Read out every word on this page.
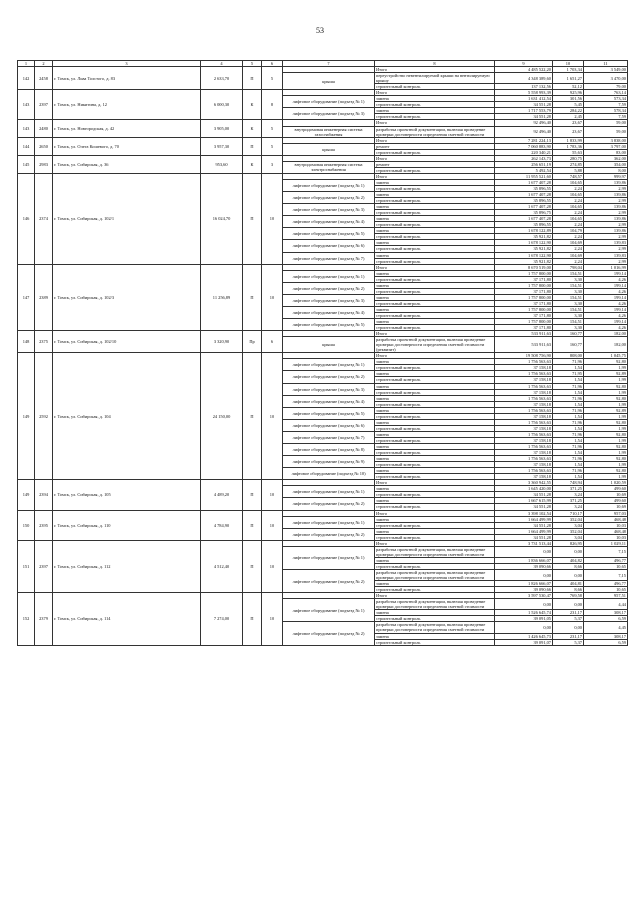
53
1	2	3	4	5	6	7	8	9	10	11
142	2458	г. Томск, ул. Льва Толстого, д. 83	2 633,70	П	5		Итого	4 485 522,20	1 703,34	3 549,00
						крыша	переустройство невентилируемой крыши на вентилируемую крышу	4 348 389,60	1 651,27	3 470,00
							строительный контроль	137 132,56	52,12	79,00
143	2397	г. Томск, ул. Никитина, д. 12	6 000,30	К	8		Итого	5 558 993,39	925,96	763,14
						лифтовое оборудование (подъезд № 1)	замена	1 631 412,54	301,56	573,34
							строительный контроль	34 551,28	5,45	7,59
						лифтовое оборудование (подъезд № 3)	замена	1 717 553,79	284,22	578,34
							строительный контроль	34 551,28	2,45	7,59
143	2480	г. Томск, ул. Новгородская, д. 42	3 905,00	К	5		Итого	92 496,40	23,67	59,00
						внутридомовая инженерная система газоснабжения	разработка проектной документации, включая проведение проверки достоверности определения сметной стоимости	92 496,40	23,67	59,00
144	2650	г. Томск, ул. Олега Кошевого, д. 70	3 957,30	П	5		Итого	7 281 224,13	1 833,99	3 838,00
						крыша	ремонт	7 060 883,90	1 783,36	3 797,00
							строительный контроль	220 340,21	55,63	83,00
145	2983	г. Томск, ул. Сибирская, д. 36	953,60	К	3		Итого	262 143,73	280,75	362,00
						внутридомовая инженерная система электроснабжения	ремонт	256 651,19	274,85	354,00
							строительный контроль	5 492,54	5,88	8,00
146	2374	г. Томск, ул. Сибирская, д. 102/1	16 024,70	П	10		Итого	11 955 521,60	748,57	999,97
						лифтовое оборудование (подъезд № 1)	замена	1 677 407,28	104,65	139,86
							строительный контроль	35 896,55	2,24	2,99
						лифтовое оборудование (подъезд № 2)	замена	1 677 407,28	104,65	139,86
							строительный контроль	35 896,55	2,24	2,99
						лифтовое оборудование (подъезд № 3)	замена	1 677 407,28	104,65	139,86
							строительный контроль	35 896,75	2,24	2,99
						лифтовое оборудование (подъезд № 4)	замена	1 677 407,28	104,65	139,86
							строительный контроль	35 896,55	2,24	2,99
						лифтовое оборудование (подъезд № 5)	замена	1 678 122,89	104,79	139,86
							строительный контроль	35 921,82	2,24	2,99
						лифтовое оборудование (подъезд № 6)	замена	1 678 122,90	104,69	139,83
							строительный контроль	35 921,82	2,24	2,99
						лифтовое оборудование (подъезд № 7)	замена	1 678 122,90	104,69	139,83
							строительный контроль	35 921,82	2,24	2,99
147	2389	г. Томск, ул. Сибирская, д. 102/3	11 256,89	П	10		Итого	8 670 519,00	798,04	1 016,99
						лифтовое оборудование (подъезд № 1)	замена	1 757 800,00	154,51	199,14
							строительный контроль	37 171,80	3,30	4,26
						лифтовое оборудование (подъезд № 2)	замена	1 757 800,00	154,51	199,14
							строительный контроль	37 171,80	3,30	4,26
						лифтовое оборудование (подъезд № 3)	замена	1 757 800,00	154,51	199,14
							строительный контроль	37 171,80	3,30	4,26
						лифтовое оборудование (подъезд № 4)	замена	1 757 800,00	154,51	199,14
							строительный контроль	37 171,80	3,30	4,26
						лифтовое оборудование (подъезд № 5)	замена	1 757 800,00	154,51	199,14
							строительный контроль	37 171,80	3,30	4,26
148	2375	г. Томск, ул. Сибирская, д. 102/10	3 320,90	Пр	6		Итого	533 911,63	160,77	182,00
						крыша	разработка проектной документации, включая проведение проверки достоверности определения сметной стоимости (реквизит)	533 911,63	160,77	182,00
149	2592	г. Томск, ул. Сибирская, д. 104	24 150,00	П	10		Итого	19 508 756,90	808,00	1 045,75
						лифтовое оборудование (подъезд № 1)	замена	1 756 563,63	71,96	92,80
							строительный контроль	37 158,18	1,54	1,99
						лифтовое оборудование (подъезд № 2)	замена	1 756 563,63	71,95	92,89
							строительный контроль	37 158,18	1,54	1,99
						лифтовое оборудование (подъезд № 3)	замена	1 756 563,63	71,96	92,80
							строительный контроль	37 158,18	1,54	1,99
						лифтовое оборудование (подъезд № 4)	замена	1 756 563,63	71,96	92,80
							строительный контроль	37 158,18	1,54	1,99
						лифтовое оборудование (подъезд № 5)	замена	1 756 563,63	71,96	92,89
							строительный контроль	37 158,18	1,54	1,99
						лифтовое оборудование (подъезд № 6)	замена	1 756 563,63	71,96	92,80
							строительный контроль	37 158,18	1,54	1,99
						лифтовое оборудование (подъезд № 7)	замена	1 756 563,63	71,96	92,80
							строительный контроль	37 158,18	1,54	1,99
						лифтовое оборудование (подъезд № 8)	замена	1 756 563,63	71,96	92,80
							строительный контроль	37 158,18	1,54	1,99
						лифтовое оборудование (подъезд № 9)	замена	1 756 563,63	71,96	92,80
							строительный контроль	37 158,18	1,54	1,99
						лифтовое оборудование (подъезд № 10)	замена	1 756 563,63	71,96	92,80
							строительный контроль	37 158,18	1,54	1,99
149	2394	г. Томск, ул. Сибирская, д. 105	4 489,20	П	10		Итого	3 360 942,55	748,94	1 020,59
						лифтовое оборудование (подъезд № 1)	замена	1 645 420,00	371,25	499,60
							строительный контроль	34 551,28	3,24	10,69
						лифтовое оборудование (подъезд № 2)	замена	1 667 615,99	371,25	499,60
							строительный контроль	34 551,28	3,24	10,69
150	2395	г. Томск, ул. Сибирская, д. 110	4 784,90	П	10		Итого	3 398 102,54	710,17	957,03
						лифтовое оборудование (подъезд № 1)	замена	1 664 499,99	352,04	468,48
							строительный контроль	34 551,28	3,04	10,03
						лифтовое оборудование (подъезд № 2)	замена	1 664 499,99	352,04	468,48
							строительный контроль	34 551,28	3,04	10,03
151	2397	г. Томск, ул. Сибирская, д. 112	4 512,40	П	10		Итого	3 731 513,44	826,95	1 029,11
						лифтовое оборудование (подъезд № 1)	разработка проектной документации, включая проведение проверки достоверности определения сметной стоимости	0,00	0,00	7,15
							замена	1 836 666,07	404,82	496,77
							строительный контроль	39 090,66	8,66	10,65
						лифтовое оборудование (подъезд № 2)	разработка проектной документации, включая проведение проверки достоверности определения сметной стоимости	0,00	0,00	7,15
							замена	1 826 666,07	404,81	496,77
							строительный контроль	39 090,66	8,66	10,65
152	2379	г. Томск, ул. Сибирская, д. 114	7 274,00	П	10		Итого	3 597 530,47	769,58	957,51
						лифтовое оборудование (подъезд № 1)	разработка проектной документации, включая проведение проверки достоверности определения сметной стоимости	0,00	0,00	4,44
							замена	1 526 645,74	231,17	308,17
							строительный контроль	39 091,05	5,37	6,59
						лифтовое оборудование (подъезд № 2)	разработка проектной документации, включая проведение проверки достоверности определения сметной стоимости	0,00	0,00	4,45
							замена	1 426 645,73	231,17	308,17
							строительный контроль	39 091,07	5,37	6,59
